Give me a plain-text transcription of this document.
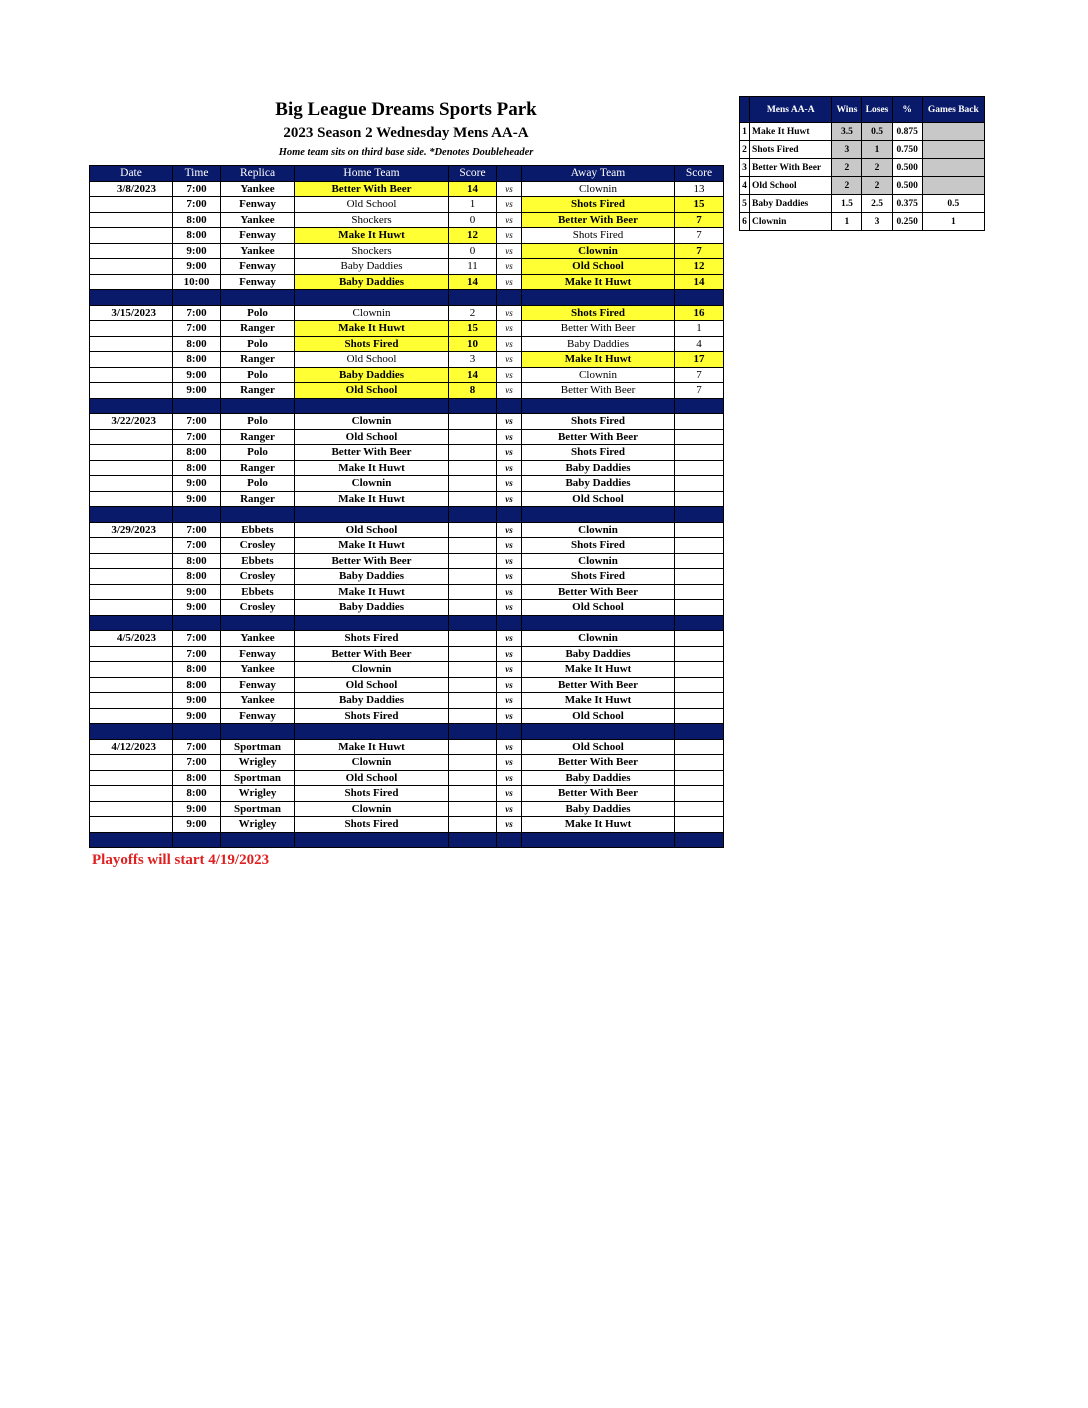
Big League Dreams Sports Park
2023 Season 2 Wednesday Mens AA-A
Home team sits on third base side. *Denotes Doubleheader
Date	Time	Replica	Home Team	Score		Away Team	Score
3/8/2023	7:00	Yankee	Better With Beer	14	vs	Clownin	13
	7:00	Fenway	Old School	1	vs	Shots Fired	15
	8:00	Yankee	Shockers	0	vs	Better With Beer	7
	8:00	Fenway	Make It Huwt	12	vs	Shots Fired	7
	9:00	Yankee	Shockers	0	vs	Clownin	7
	9:00	Fenway	Baby Daddies	11	vs	Old School	12
	10:00	Fenway	Baby Daddies	14	vs	Make It Huwt	14

3/15/2023	7:00	Polo	Clownin	2	vs	Shots Fired	16
	7:00	Ranger	Make It Huwt	15	vs	Better With Beer	1
	8:00	Polo	Shots Fired	10	vs	Baby Daddies	4
	8:00	Ranger	Old School	3	vs	Make It Huwt	17
	9:00	Polo	Baby Daddies	14	vs	Clownin	7
	9:00	Ranger	Old School	8	vs	Better With Beer	7

3/22/2023	7:00	Polo	Clownin		vs	Shots Fired	
	7:00	Ranger	Old School		vs	Better With Beer	
	8:00	Polo	Better With Beer		vs	Shots Fired	
	8:00	Ranger	Make It Huwt		vs	Baby Daddies	
	9:00	Polo	Clownin		vs	Baby Daddies	
	9:00	Ranger	Make It Huwt		vs	Old School	

3/29/2023	7:00	Ebbets	Old School		vs	Clownin	
	7:00	Crosley	Make It Huwt		vs	Shots Fired	
	8:00	Ebbets	Better With Beer		vs	Clownin	
	8:00	Crosley	Baby Daddies		vs	Shots Fired	
	9:00	Ebbets	Make It Huwt		vs	Better With Beer	
	9:00	Crosley	Baby Daddies		vs	Old School	

4/5/2023	7:00	Yankee	Shots Fired		vs	Clownin	
	7:00	Fenway	Better With Beer		vs	Baby Daddies	
	8:00	Yankee	Clownin		vs	Make It Huwt	
	8:00	Fenway	Old School		vs	Better With Beer	
	9:00	Yankee	Baby Daddies		vs	Make It Huwt	
	9:00	Fenway	Shots Fired		vs	Old School	

4/12/2023	7:00	Sportman	Make It Huwt		vs	Old School	
	7:00	Wrigley	Clownin		vs	Better With Beer	
	8:00	Sportman	Old School		vs	Baby Daddies	
	8:00	Wrigley	Shots Fired		vs	Better With Beer	
	9:00	Sportman	Clownin		vs	Baby Daddies	
	9:00	Wrigley	Shots Fired		vs	Make It Huwt	

	Mens AA-A	Wins	Loses	%	Games Back
1	Make It Huwt	3.5	0.5	0.875	
2	Shots Fired	3	1	0.750	
3	Better With Beer	2	2	0.500	
4	Old School	2	2	0.500	
5	Baby Daddies	1.5	2.5	0.375	0.5
6	Clownin	1	3	0.250	1
Playoffs will start 4/19/2023
